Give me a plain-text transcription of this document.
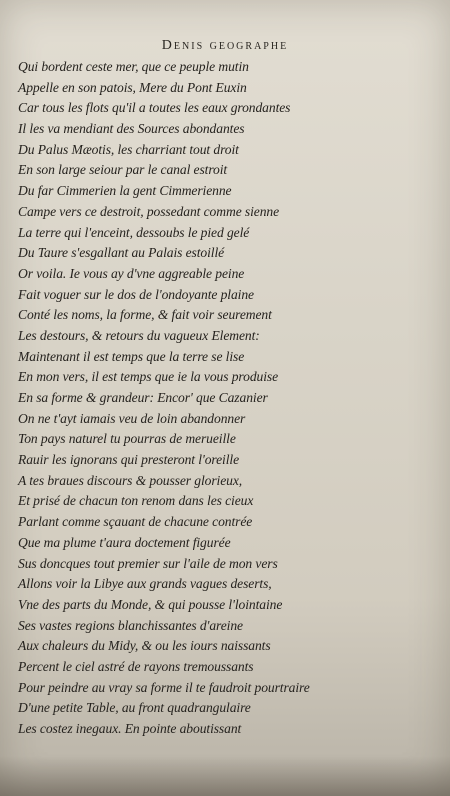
Denis geographe
Qui bordent ceste mer, que ce peuple mutin
Appelle en son patois, Mere du Pont Euxin
Car tous les flots qu'il a toutes les eaux grondantes
Il les va mendiant des Sources abondantes
Du Palus Mæotis, les charriant tout droit
En son large seiour par le canal estroit
Du far Cimmerien la gent Cimmerienne
Campe vers ce destroit, possedant comme sienne
La terre qui l'enceint, dessoubs le pied gelé
Du Taure s'esgallant au Palais estoillé
Or voila. Ie vous ay d'vne aggreable peine
Fait voguer sur le dos de l'ondoyante plaine
Conté les noms, la forme, & fait voir seurement
Les destours, & retours du vagueux Element:
Maintenant il est temps que la terre se lise
En mon vers, il est temps que ie la vous produise
En sa forme & grandeur: Encor' que Cazanier
On ne t'ayt iamais veu de loin abandonner
Ton pays naturel tu pourras de merueille
Rauir les ignorans qui presteront l'oreille
A tes braues discours & pousser glorieux,
Et prisé de chacun ton renom dans les cieux
Parlant comme sçauant de chacune contrée
Que ma plume t'aura doctement figurée
Sus doncques tout premier sur l'aile de mon vers
Allons voir la Libye aux grands vagues deserts,
Vne des parts du Monde, & qui pousse l'lointaine
Ses vastes regions blanchissantes d'areine
Aux chaleurs du Midy, & ou les iours naissants
Percent le ciel astré de rayons tremoussants
Pour peindre au vray sa forme il te faudroit pourtraire
D'une petite Table, au front quadrangulaire
Les costez inegaux. En pointe aboutissant
